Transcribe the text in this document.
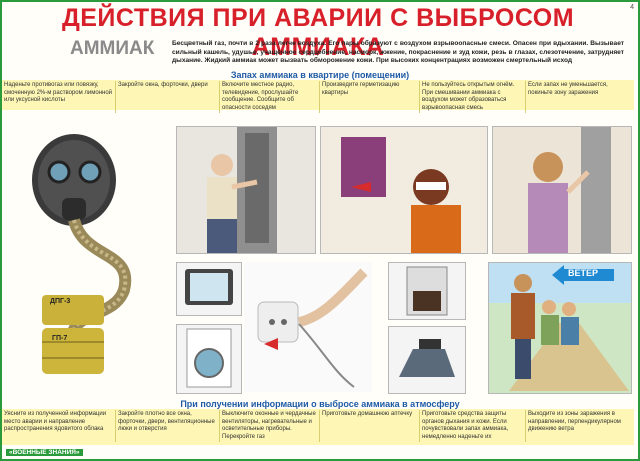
ДЕЙСТВИЯ ПРИ АВАРИИ С ВЫБРОСОМ АММИАКА
4
АММИАК	Бесцветный газ, почти в 2 раза легче воздуха. Его пары образуют с воздухом взрывоопасные смеси. Опасен при вдыхании. Вызывает сильный кашель, удушье, учащённое сердцебиение, насморк, жжение, покраснение и зуд кожи, резь в глазах, слезотечение, затрудняет дыхание. Жидкий аммиак может вызвать обморожение кожи. При высоких концентрациях возможен смертельный исход
Запах аммиака в квартире (помещении)
Наденьте противогаз или повязку, смоченную 2%-м раствором лимонной или уксусной кислоты
Закройте окна, форточки, двери	Включите местное радио, телевидение, прослушайте сообщение. Сообщите об опасности соседям
Произведите герметизацию квартиры
Не пользуйтесь открытым огнём. При смешивании аммиака с воздухом может образоваться взрывоопасная смесь
Если запах не уменьшается, покиньте зону заражения
ДПГ-3
ГП-7
ВЕТЕР
При получении информации о выбросе аммиака в атмосферу
Уясните из полученной информации место аварии и направление распространения ядовитого облака
Закройте плотно все окна, форточки, двери, вентиляционные люки и отверстия
Выключите оконные и чердачные вентиляторы, нагревательные и осветительные приборы. Перекройте газ
Приготовьте домашнюю аптечку	Приготовьте средства защиты органов дыхания и кожи. Если почувствовали запах аммиака, немедленно наденьте их
Выходите из зоны заражения в направлении, перпендикулярном движению ветра
«ВОЕННЫЕ ЗНАНИЯ»
